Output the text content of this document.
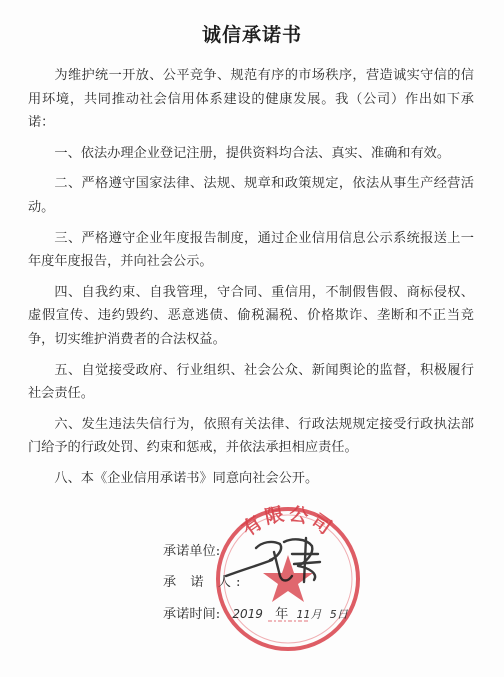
诚信承诺书

为维护统一开放、公平竞争、规范有序的市场秩序，营造诚实守信的信用环境，共同推动社会信用体系建设的健康发展。我（公司）作出如下承诺：

一、依法办理企业登记注册，提供资料均合法、真实、准确和有效。

二、严格遵守国家法律、法规、规章和政策规定，依法从事生产经营活动。

三、严格遵守企业年度报告制度，通过企业信用信息公示系统报送上一年度年度报告，并向社会公示。

四、自我约束、自我管理，守合同、重信用，不制假售假、商标侵权、虚假宣传、违约毁约、恶意逃债、偷税漏税、价格欺诈、垄断和不正当竞争，切实维护消费者的合法权益。

五、自觉接受政府、行业组织、社会公众、新闻舆论的监督，积极履行社会责任。

六、发生违法失信行为，依照有关法律、行政法规规定接受行政执法部门给予的行政处罚、约束和惩戒，并依法承担相应责任。

八、本《企业信用承诺书》同意向社会公开。

有限公司
承诺单位:
承 诺 人:
承诺时间: 2019 年 11月 5日
